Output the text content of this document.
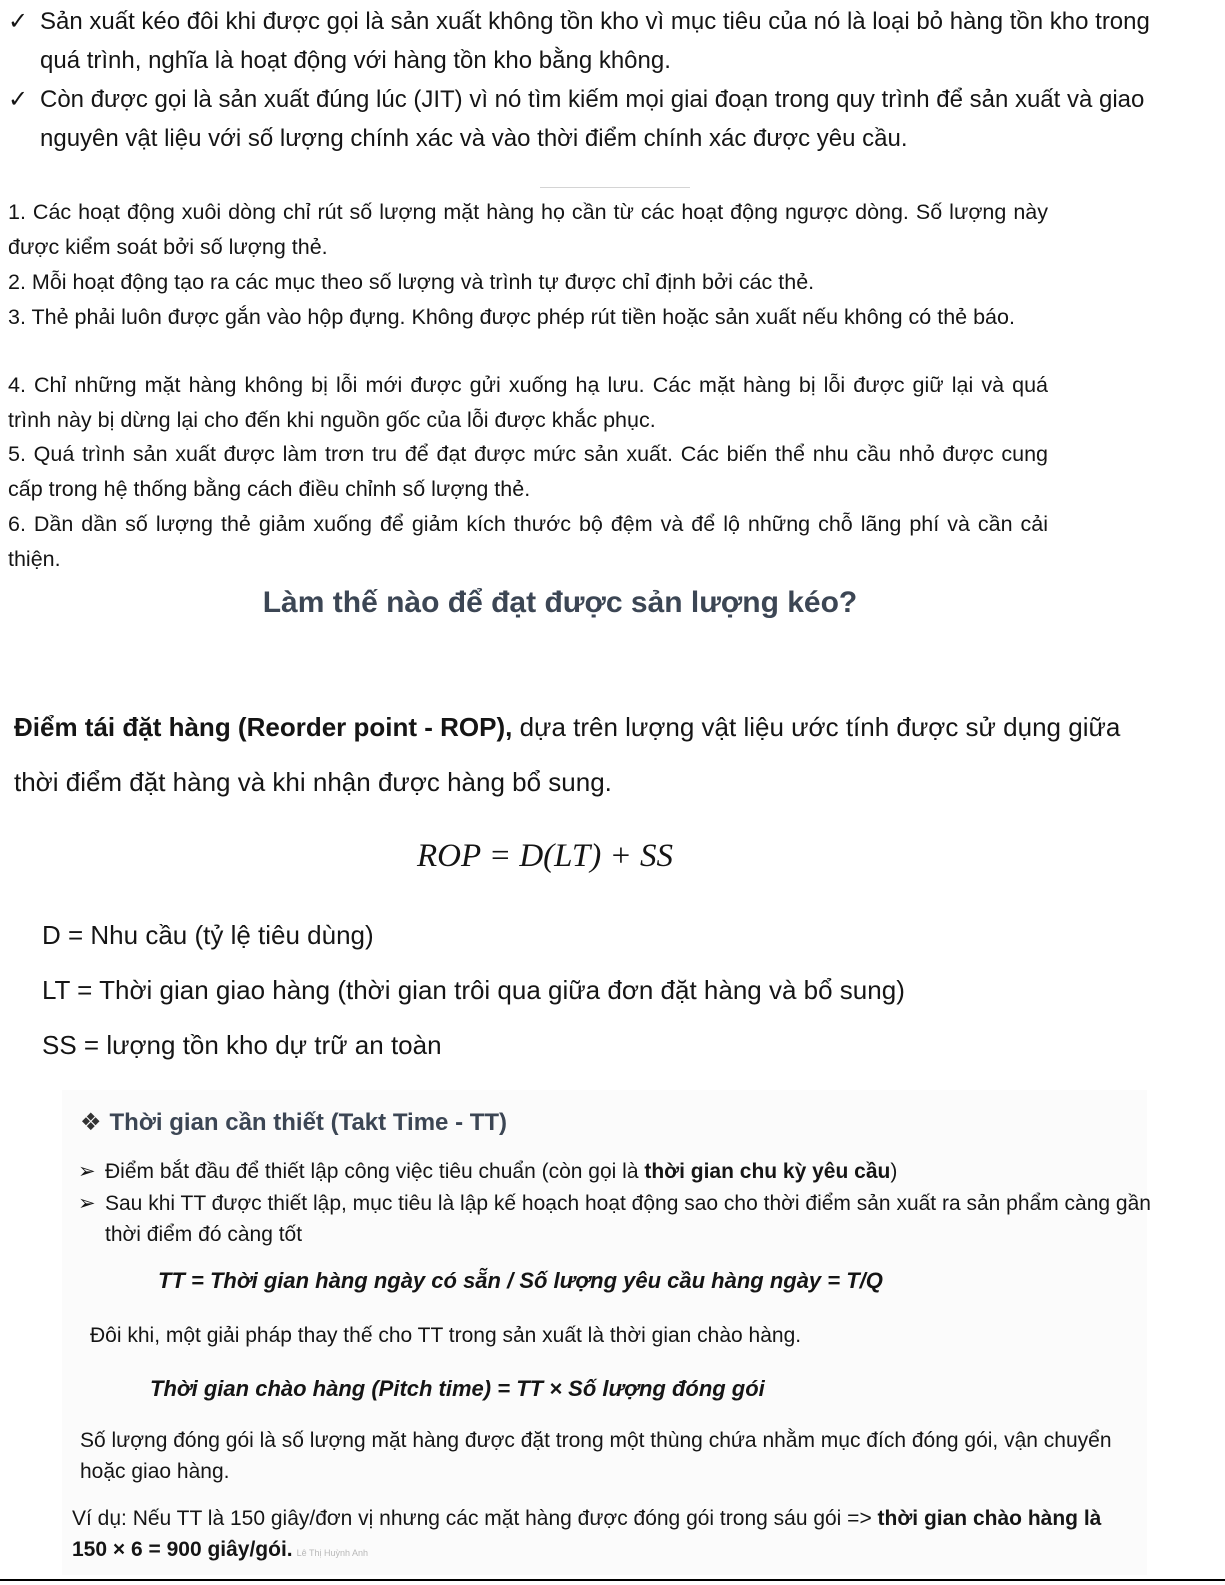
✓ Sản xuất kéo đôi khi được gọi là sản xuất không tồn kho vì mục tiêu của nó là loại bỏ hàng tồn kho trong quá trình, nghĩa là hoạt động với hàng tồn kho bằng không.
✓ Còn được gọi là sản xuất đúng lúc (JIT) vì nó tìm kiếm mọi giai đoạn trong quy trình để sản xuất và giao nguyên vật liệu với số lượng chính xác và vào thời điểm chính xác được yêu cầu.
1. Các hoạt động xuôi dòng chỉ rút số lượng mặt hàng họ cần từ các hoạt động ngược dòng. Số lượng này được kiểm soát bởi số lượng thẻ.
2. Mỗi hoạt động tạo ra các mục theo số lượng và trình tự được chỉ định bởi các thẻ.
3. Thẻ phải luôn được gắn vào hộp đựng. Không được phép rút tiền hoặc sản xuất nếu không có thẻ báo.
4. Chỉ những mặt hàng không bị lỗi mới được gửi xuống hạ lưu. Các mặt hàng bị lỗi được giữ lại và quá trình này bị dừng lại cho đến khi nguồn gốc của lỗi được khắc phục.
5. Quá trình sản xuất được làm trơn tru để đạt được mức sản xuất. Các biến thể nhu cầu nhỏ được cung cấp trong hệ thống bằng cách điều chỉnh số lượng thẻ.
6. Dần dần số lượng thẻ giảm xuống để giảm kích thước bộ đệm và để lộ những chỗ lãng phí và cần cải thiện.
Làm thế nào để đạt được sản lượng kéo?
Điểm tái đặt hàng (Reorder point - ROP), dựa trên lượng vật liệu ước tính được sử dụng giữa thời điểm đặt hàng và khi nhận được hàng bổ sung.
ROP = D(LT) + SS
D = Nhu cầu (tỷ lệ tiêu dùng)
LT = Thời gian giao hàng (thời gian trôi qua giữa đơn đặt hàng và bổ sung)
SS = lượng tồn kho dự trữ an toàn
❖ Thời gian cần thiết (Takt Time - TT)
➢ Điểm bắt đầu để thiết lập công việc tiêu chuẩn (còn gọi là thời gian chu kỳ yêu cầu)
➢ Sau khi TT được thiết lập, mục tiêu là lập kế hoạch hoạt động sao cho thời điểm sản xuất ra sản phẩm càng gần thời điểm đó càng tốt
TT = Thời gian hàng ngày có sẵn / Số lượng yêu cầu hàng ngày = T/Q
Đôi khi, một giải pháp thay thế cho TT trong sản xuất là thời gian chào hàng.
Thời gian chào hàng (Pitch time) = TT × Số lượng đóng gói
Số lượng đóng gói là số lượng mặt hàng được đặt trong một thùng chứa nhằm mục đích đóng gói, vận chuyển hoặc giao hàng.
Ví dụ: Nếu TT là 150 giây/đơn vị nhưng các mặt hàng được đóng gói trong sáu gói => thời gian chào hàng là 150 × 6 = 900 giây/gói. Lê Thị Huỳnh Anh
